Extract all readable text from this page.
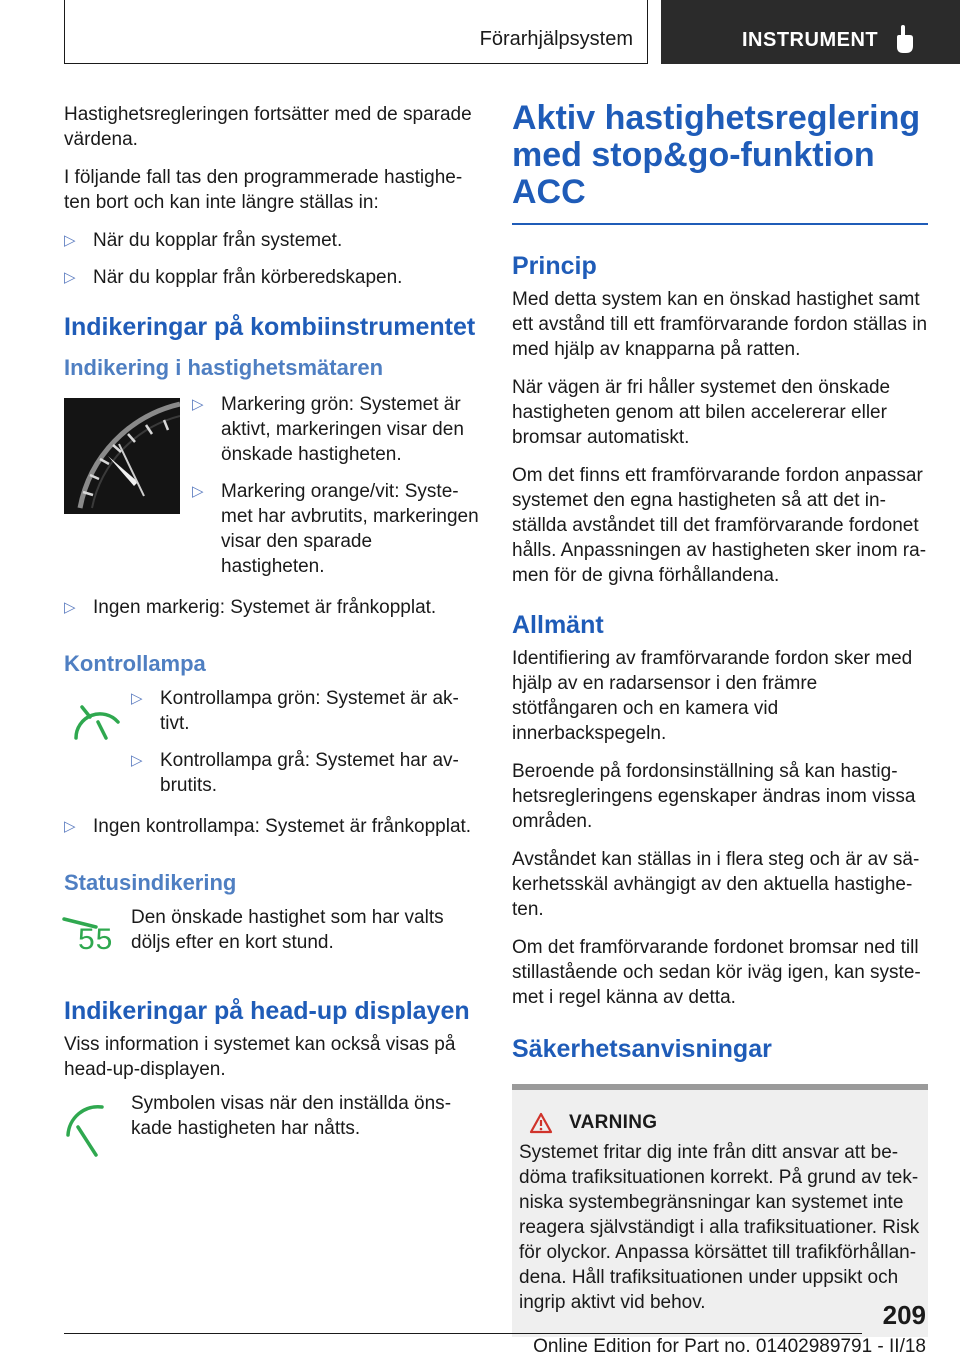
Förarhjälpsystem	INSTRUMENT

Hastighetsregleringen fortsätter med de sparade värdena.

I följande fall tas den programmerade hastigheten bort och kan inte längre ställas in:

▷ När du kopplar från systemet.
▷ När du kopplar från körberedskapen.
Indikeringar på kombiinstrumentet
Indikering i hastighetsmätaren
▷ Markering grön: Systemet är aktivt, markeringen visar den önskade hastigheten.
▷ Markering orange/vit: Systemet har avbrutits, markeringen visar den sparade hastigheten.
▷ Ingen markerig: Systemet är frånkopplat.
Kontrollampa
▷ Kontrollampa grön: Systemet är aktivt.
▷ Kontrollampa grå: Systemet har avbrutits.
▷ Ingen kontrollampa: Systemet är frånkopplat.
Statusindikering
55

Den önskade hastighet som har valts döljs efter en kort stund.

Indikeringar på head-up displayen

Viss information i systemet kan också visas på head-up-displayen.

Symbolen visas när den inställda önskade hastigheten har nåtts.

Aktiv hastighetsreglering med stop&go-funktion ACC
Princip

Med detta system kan en önskad hastighet samt ett avstånd till ett framförvarande fordon ställas in med hjälp av knapparna på ratten.

När vägen är fri håller systemet den önskade hastigheten genom att bilen accelererar eller bromsar automatiskt.

Om det finns ett framförvarande fordon anpassar systemet den egna hastigheten så att det inställda avståndet till det framförvarande fordonet hålls. Anpassningen av hastigheten sker inom ramen för de givna förhållandena.

Allmänt

Identifiering av framförvarande fordon sker med hjälp av en radarsensor i den främre stötfångaren och en kamera vid innerbackspegeln.

Beroende på fordonsinställning så kan hastighetsregleringens egenskaper ändras inom vissa områden.

Avståndet kan ställas in i flera steg och är av säkerhetsskäl avhängigt av den aktuella hastigheten.

Om det framförvarande fordonet bromsar ned till stillastående och sedan kör iväg igen, kan systemet i regel känna av detta.

Säkerhetsanvisningar
VARNING

Systemet fritar dig inte från ditt ansvar att bedöma trafiksituationen korrekt. På grund av tekniska systembegränsningar kan systemet inte reagera självständigt i alla trafiksituationer. Risk för olyckor. Anpassa körsättet till trafikförhållandena. Håll trafiksituationen under uppsikt och ingrip aktivt vid behov.	209
Online Edition for Part no. 01402989791 - II/18
